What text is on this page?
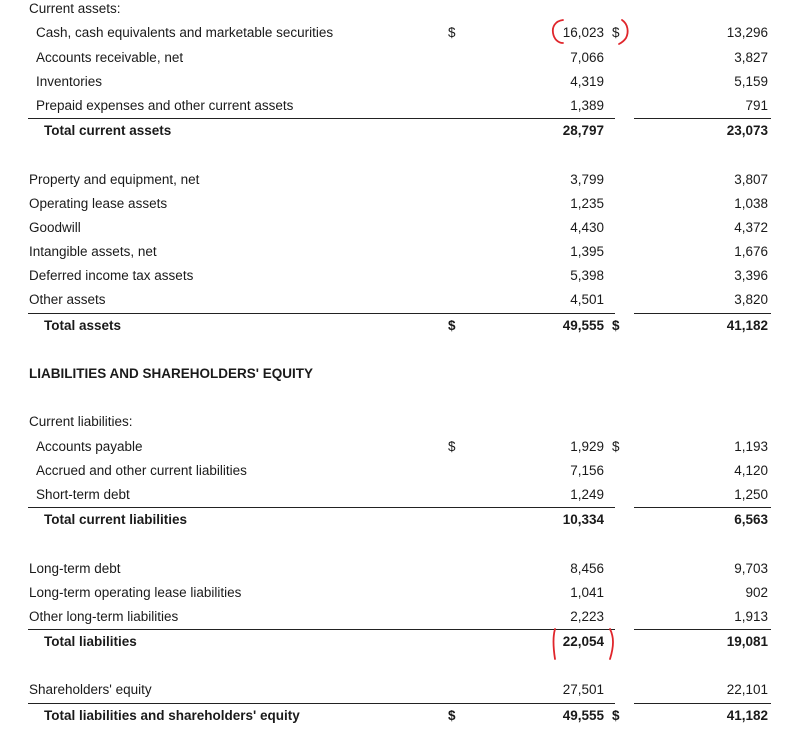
Current assets:
Cash, cash equivalents and marketable securities	$	16,023 $	13,296
Accounts receivable, net	7,066	3,827
Inventories	4,319	5,159
Prepaid expenses and other current assets	1,389	791
Total current assets	28,797	23,073
Property and equipment, net	3,799	3,807
Operating lease assets	1,235	1,038
Goodwill	4,430	4,372
Intangible assets, net	1,395	1,676
Deferred income tax assets	5,398	3,396
Other assets	4,501	3,820
Total assets	$	49,555 $	41,182
LIABILITIES AND SHAREHOLDERS' EQUITY
Current liabilities:
Accounts payable	$	1,929 $	1,193
Accrued and other current liabilities	7,156	4,120
Short-term debt	1,249	1,250
Total current liabilities	10,334	6,563
Long-term debt	8,456	9,703
Long-term operating lease liabilities	1,041	902
Other long-term liabilities	2,223	1,913
Total liabilities	22,054	19,081
Shareholders' equity	27,501	22,101
Total liabilities and shareholders' equity	$	49,555 $	41,182
